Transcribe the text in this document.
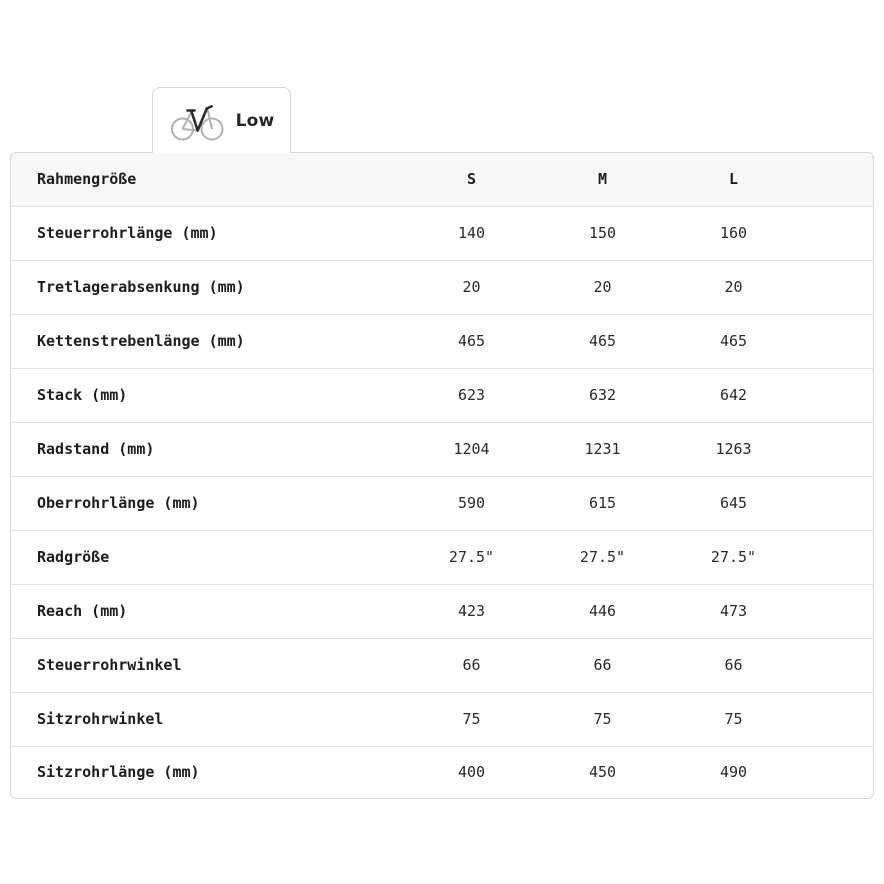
Low
Rahmengröße	S	M	L	
Steuerrohrlänge (mm)	140	150	160	
Tretlagerabsenkung (mm)	20	20	20	
Kettenstrebenlänge (mm)	465	465	465	
Stack (mm)	623	632	642	
Radstand (mm)	1204	1231	1263	
Oberrohrlänge (mm)	590	615	645	
Radgröße	27.5"	27.5"	27.5"	
Reach (mm)	423	446	473	
Steuerrohrwinkel	66	66	66	
Sitzrohrwinkel	75	75	75	
Sitzrohrlänge (mm)	400	450	490	
